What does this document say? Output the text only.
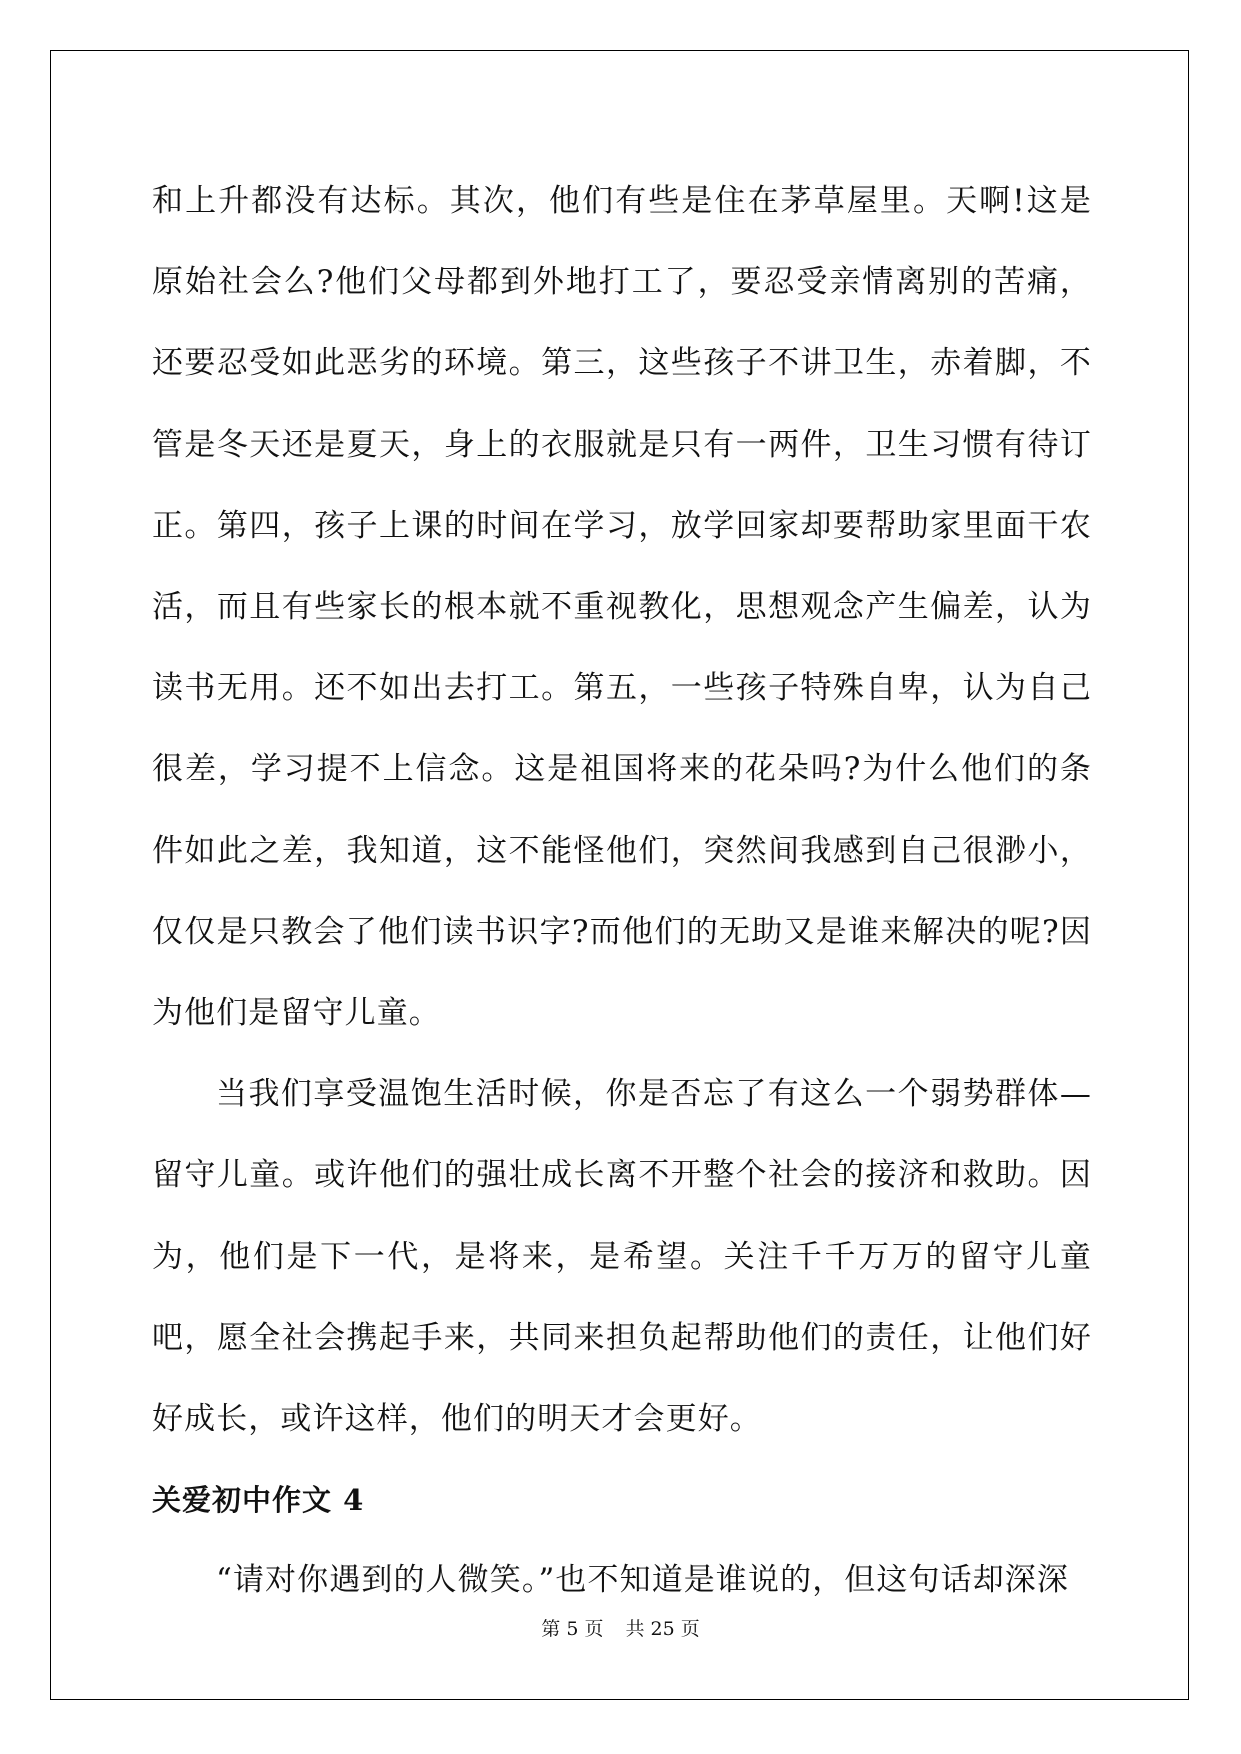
和上升都没有达标。其次，他们有些是住在茅草屋里。天啊!这是原始社会么?他们父母都到外地打工了，要忍受亲情离别的苦痛，还要忍受如此恶劣的环境。第三，这些孩子不讲卫生，赤着脚，不管是冬天还是夏天，身上的衣服就是只有一两件，卫生习惯有待订正。第四，孩子上课的时间在学习，放学回家却要帮助家里面干农活，而且有些家长的根本就不重视教化，思想观念产生偏差，认为读书无用。还不如出去打工。第五，一些孩子特殊自卑，认为自己很差，学习提不上信念。这是祖国将来的花朵吗?为什么他们的条件如此之差，我知道，这不能怪他们，突然间我感到自己很渺小，仅仅是只教会了他们读书识字?而他们的无助又是谁来解决的呢?因为他们是留守儿童。

当我们享受温饱生活时候，你是否忘了有这么一个弱势群体—留守儿童。或许他们的强壮成长离不开整个社会的接济和救助。因为，他们是下一代，是将来，是希望。关注千千万万的留守儿童吧，愿全社会携起手来，共同来担负起帮助他们的责任，让他们好好成长，或许这样，他们的明天才会更好。

关爱初中作文 4

“请对你遇到的人微笑。”也不知道是谁说的，但这句话却深深

第 5 页 共 25 页
